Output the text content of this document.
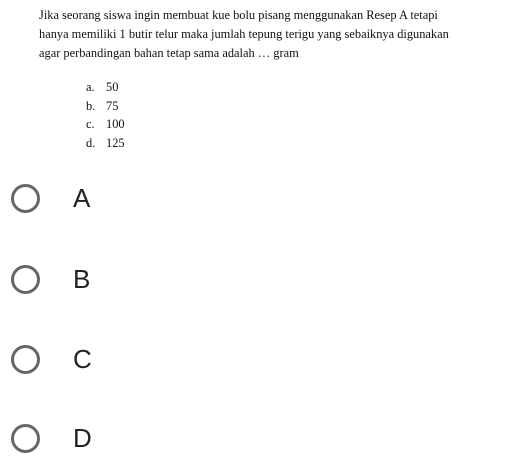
Jika seorang siswa ingin membuat kue bolu pisang menggunakan Resep A tetapi
hanya memiliki 1 butir telur maka jumlah tepung terigu yang sebaiknya digunakan
agar perbandingan bahan tetap sama adalah … gram
a. 50
b. 75
c. 100
d. 125
A
B
C
D
